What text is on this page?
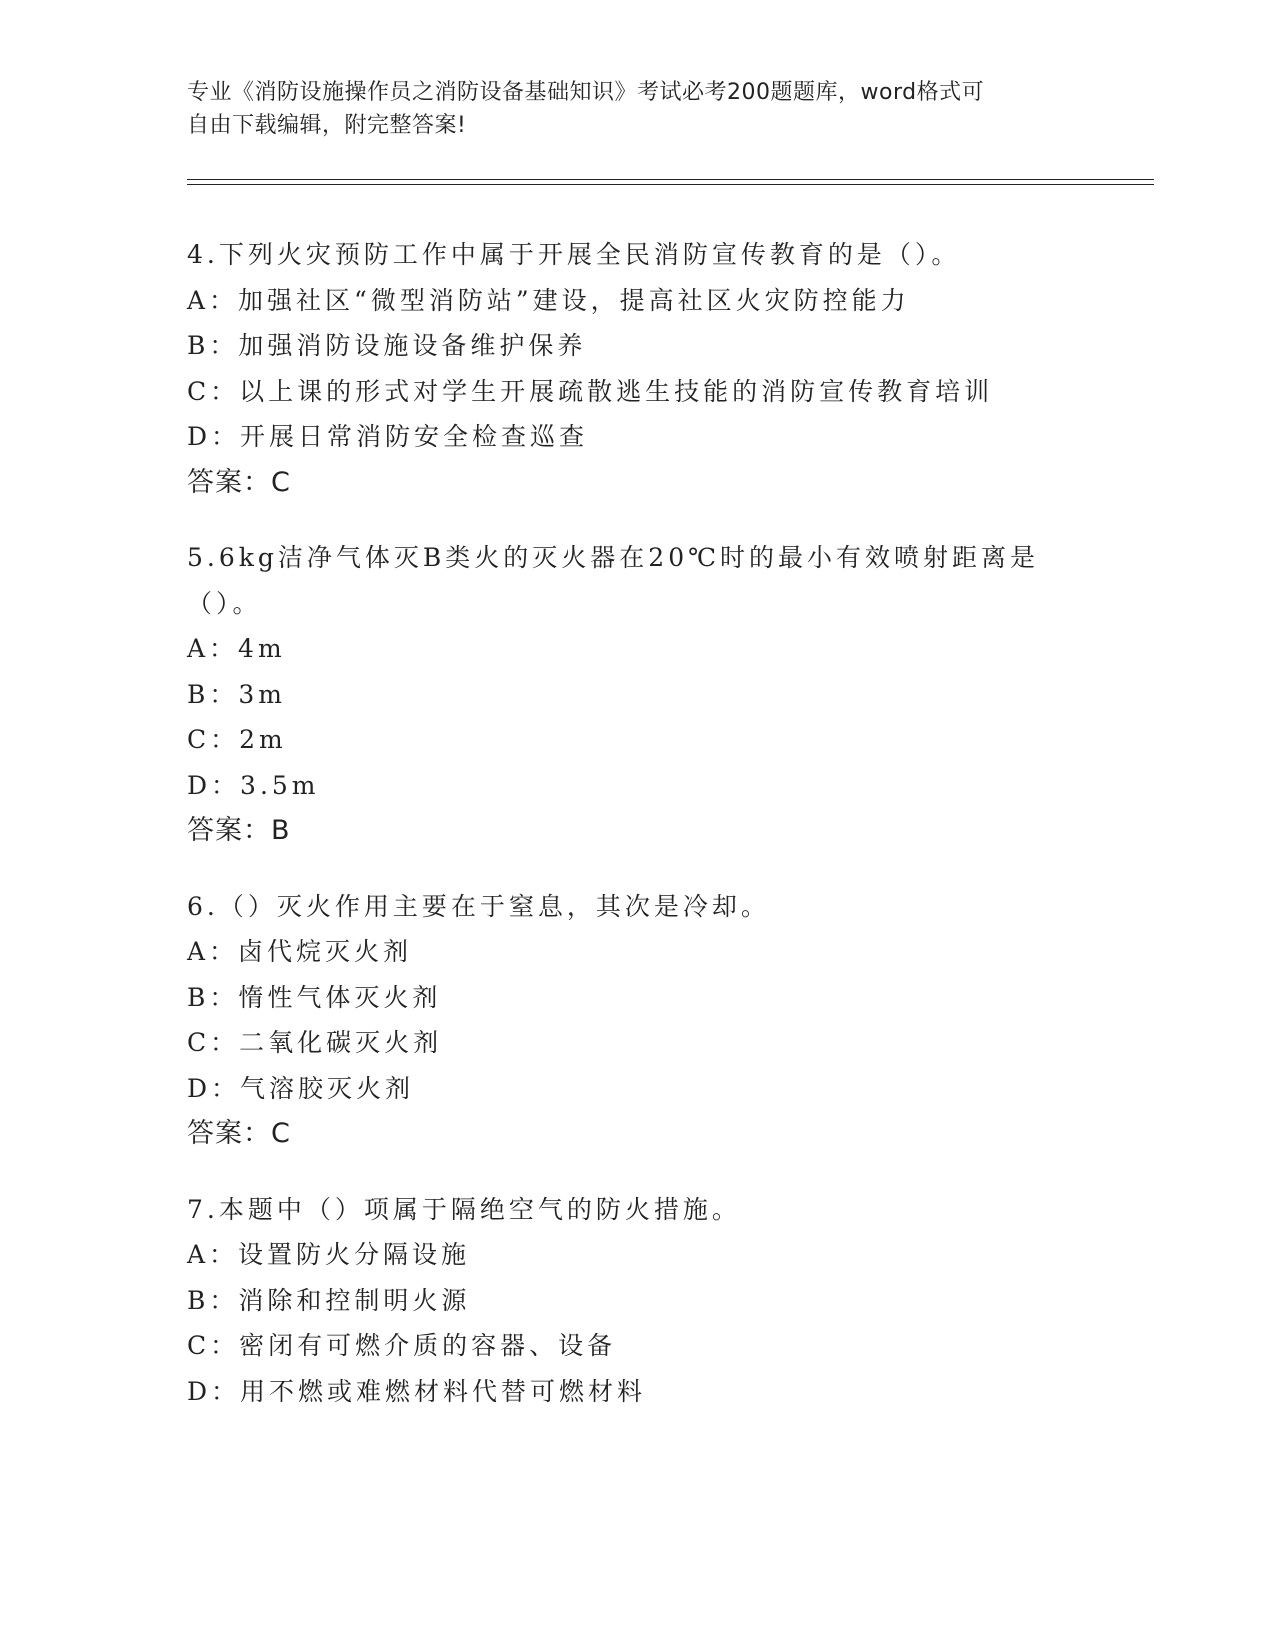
专业《消防设施操作员之消防设备基础知识》考试必考200题题库，word格式可
自由下载编辑，附完整答案!
4.下列火灾预防工作中属于开展全民消防宣传教育的是（）。
A：加强社区“微型消防站”建设，提高社区火灾防控能力
B：加强消防设施设备维护保养
C：以上课的形式对学生开展疏散逃生技能的消防宣传教育培训
D：开展日常消防安全检查巡查
答案：C
5.6kg洁净气体灭B类火的灭火器在20℃时的最小有效喷射距离是（）。
A：4m
B：3m
C：2m
D：3.5m
答案：B
6.（）灭火作用主要在于窒息，其次是冷却。
A：卤代烷灭火剂
B：惰性气体灭火剂
C：二氧化碳灭火剂
D：气溶胶灭火剂
答案：C
7.本题中（）项属于隔绝空气的防火措施。
A：设置防火分隔设施
B：消除和控制明火源
C：密闭有可燃介质的容器、设备
D：用不燃或难燃材料代替可燃材料
